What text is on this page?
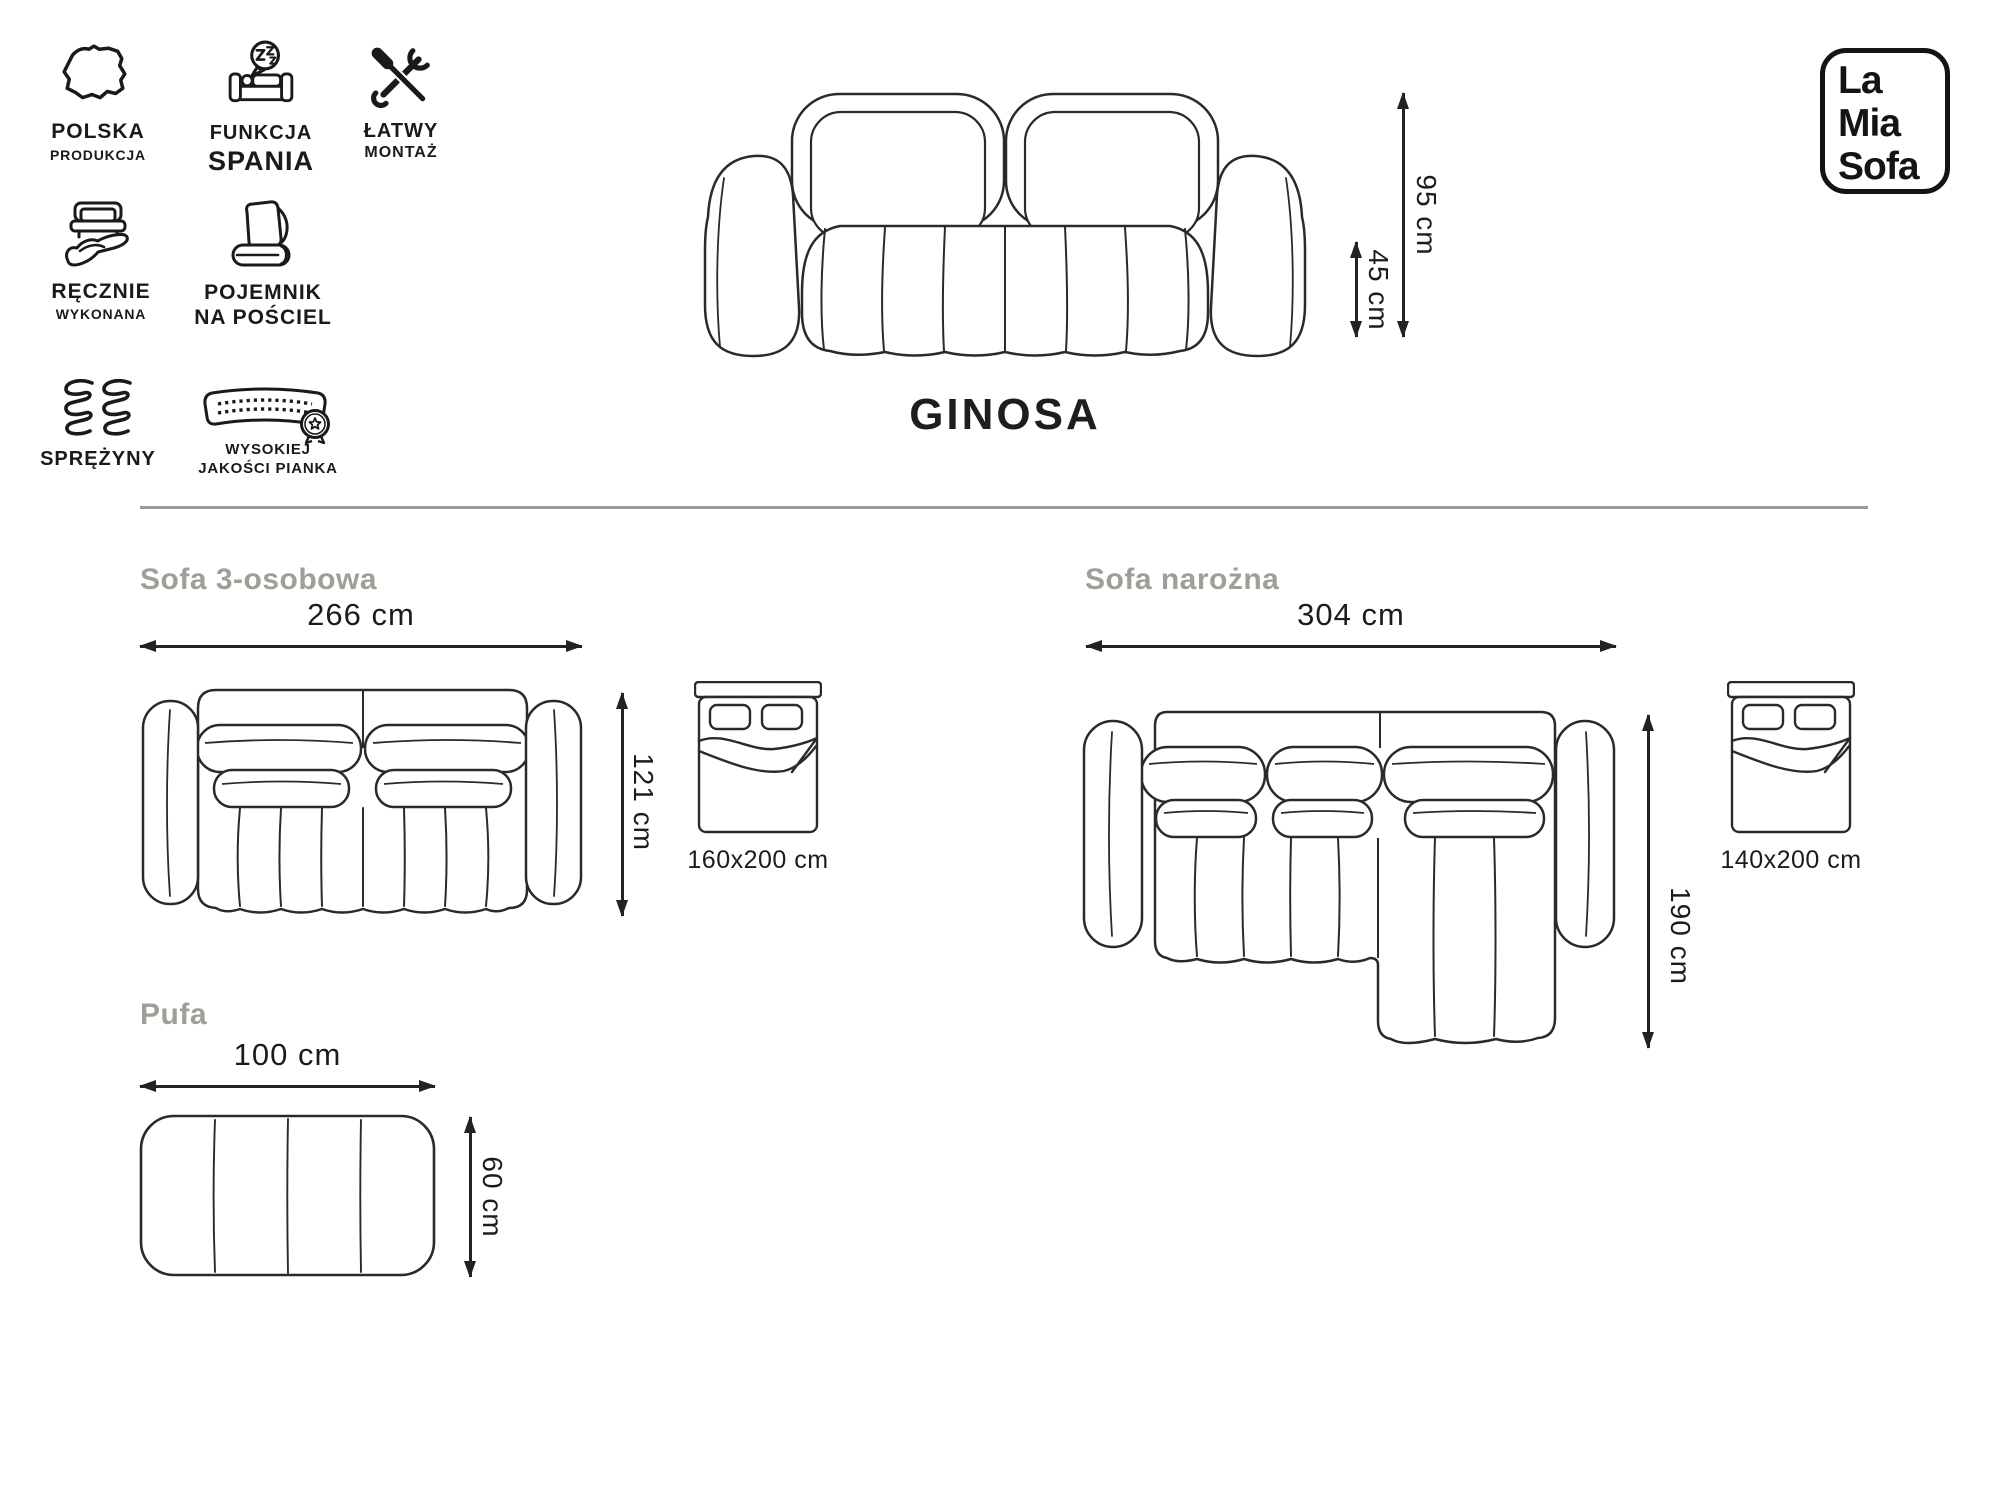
POLSKA
PRODUKCJA
FUNKCJA
SPANIA
ŁATWY
MONTAŻ
RĘCZNIE
WYKONANA
POJEMNIK
NA POŚCIEL
SPRĘŻYNY	WYSOKIEJ
JAKOŚCI PIANKA
La
Mia
Sofa
95 cm
45 cm
GINOSA
Sofa 3-osobowa
266 cm
121 cm
160x200 cm
Sofa narożna
304 cm
190 cm
140x200 cm
Pufa
100 cm
60 cm
